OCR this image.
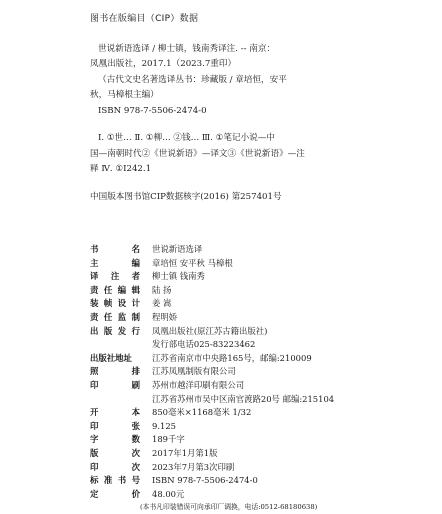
图书在版编目（CIP）数据
世说新语选译 / 柳士镇，钱南秀译注. -- 南京：
凤凰出版社，2017.1（2023.7重印）
（古代文史名著选译丛书：珍藏版 / 章培恒，安平
秋，马樟根主编）
ISBN 978-7-5506-2474-0
Ⅰ. ①世… Ⅱ. ①柳… ②钱… Ⅲ. ①笔记小说—中
国—南朝时代②《世说新语》—译文③《世说新语》—注
释 Ⅳ. ①I242.1
中国版本图书馆CIP数据核字(2016) 第257401号
书	名 世说新语选译
主	编 章培恒 安平秋 马樟根
译 注 者 柳士镇 钱南秀
责 任 编 辑 陆 扬
装 帧 设 计 姜 嵩
责 任 监 制 程明娇
出 版 发 行 凤凰出版社(原江苏古籍出版社)
发行部电话025-83223462
出版社地址 江苏省南京市中央路165号，邮编:210009
照	排 江苏凤凰制版有限公司
印	刷 苏州市越洋印刷有限公司
江苏省苏州市吴中区南官渡路20号 邮编:215104
开	本 850毫米×1168毫米 1/32
印	张 9.125
字	数 189千字
版	次 2017年1月第1版
印	次 2023年7月第3次印刷
标 准 书 号 ISBN 978-7-5506-2474-0
定	价 48.00元
(本书凡印装错误可向承印厂调换，电话:0512-68180638)
